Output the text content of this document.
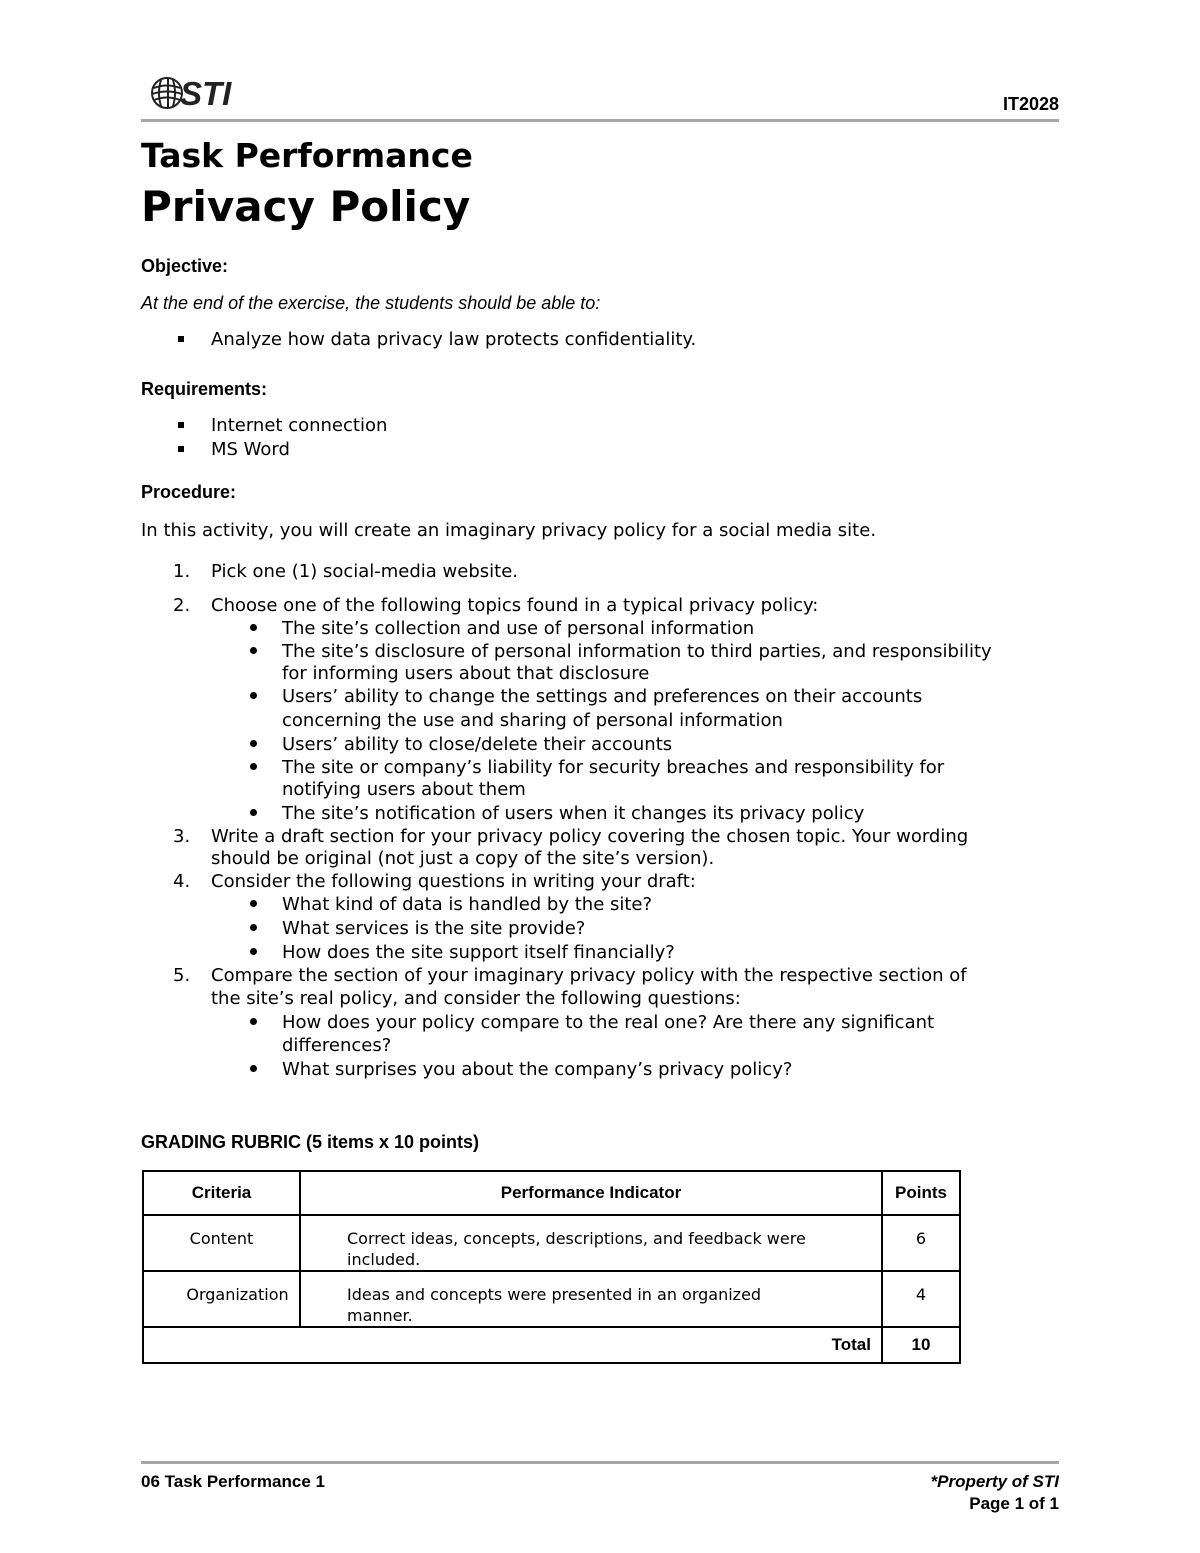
STI	IT2028
Task Performance
Privacy Policy
Objective:
At the end of the exercise, the students should be able to:
Analyze how data privacy law protects confidentiality.
Requirements:
Internet connection
MS Word
Procedure:
In this activity, you will create an imaginary privacy policy for a social media site.
1. Pick one (1) social-media website.
2. Choose one of the following topics found in a typical privacy policy:
The site’s collection and use of personal information
The site’s disclosure of personal information to third parties, and responsibility
for informing users about that disclosure
Users’ ability to change the settings and preferences on their accounts
concerning the use and sharing of personal information
Users’ ability to close/delete their accounts
The site or company’s liability for security breaches and responsibility for
notifying users about them
The site’s notification of users when it changes its privacy policy
3. Write a draft section for your privacy policy covering the chosen topic. Your wording
should be original (not just a copy of the site’s version).
4. Consider the following questions in writing your draft:
What kind of data is handled by the site?
What services is the site provide?
How does the site support itself financially?
5. Compare the section of your imaginary privacy policy with the respective section of
the site’s real policy, and consider the following questions:
How does your policy compare to the real one? Are there any significant
differences?
What surprises you about the company’s privacy policy?
GRADING RUBRIC (5 items x 10 points)
Criteria	Performance Indicator	Points
Content	Correct ideas, concepts, descriptions, and feedback were included.	6
Organization	Ideas and concepts were presented in an organized manner.	4
Total		10
06 Task Performance 1	*Property of STI
Page 1 of 1
